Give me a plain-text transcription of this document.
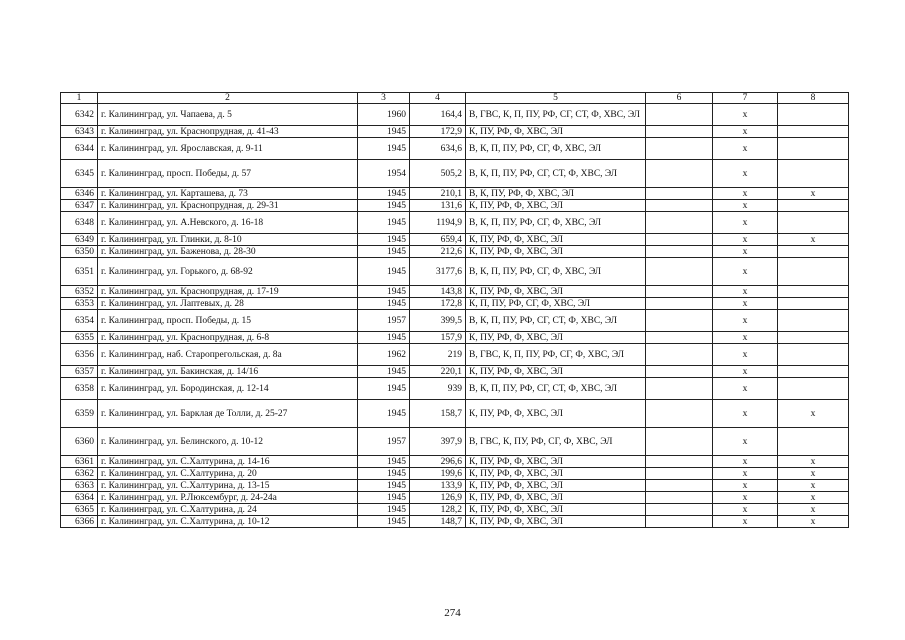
1	2	3	4	5	6	7	8
6342	г. Калининград, ул. Чапаева, д. 5	1960	164,4	В, ГВС, К, П, ПУ, РФ, СГ, СТ, Ф, ХВС, ЭЛ		х	
6343	г. Калининград, ул. Краснопрудная, д. 41-43	1945	172,9	К, ПУ, РФ, Ф, ХВС, ЭЛ		х	
6344	г. Калининград, ул. Ярославская, д. 9-11	1945	634,6	В, К, П, ПУ, РФ, СГ, Ф, ХВС, ЭЛ		х	
6345	г. Калининград, просп. Победы, д. 57	1954	505,2	В, К, П, ПУ, РФ, СГ, СТ, Ф, ХВС, ЭЛ		х	
6346	г. Калининград, ул. Карташева, д. 73	1945	210,1	В, К, ПУ, РФ, Ф, ХВС, ЭЛ		х	х
6347	г. Калининград, ул. Краснопрудная, д. 29-31	1945	131,6	К, ПУ, РФ, Ф, ХВС, ЭЛ		х	
6348	г. Калининград, ул. А.Невского, д. 16-18	1945	1194,9	В, К, П, ПУ, РФ, СГ, Ф, ХВС, ЭЛ		х	
6349	г. Калининград, ул. Глинки, д. 8-10	1945	659,4	К, ПУ, РФ, Ф, ХВС, ЭЛ		х	х
6350	г. Калининград, ул. Баженова, д. 28-30	1945	212,6	К, ПУ, РФ, Ф, ХВС, ЭЛ		х	
6351	г. Калининград, ул. Горького, д. 68-92	1945	3177,6	В, К, П, ПУ, РФ, СГ, Ф, ХВС, ЭЛ		х	
6352	г. Калининград, ул. Краснопрудная, д. 17-19	1945	143,8	К, ПУ, РФ, Ф, ХВС, ЭЛ		х	
6353	г. Калининград, ул. Лаптевых, д. 28	1945	172,8	К, П, ПУ, РФ, СГ, Ф, ХВС, ЭЛ		х	
6354	г. Калининград, просп. Победы, д. 15	1957	399,5	В, К, П, ПУ, РФ, СГ, СТ, Ф, ХВС, ЭЛ		х	
6355	г. Калининград, ул. Краснопрудная, д. 6-8	1945	157,9	К, ПУ, РФ, Ф, ХВС, ЭЛ		х	
6356	г. Калининград, наб. Старопрегольская, д. 8а	1962	219	В, ГВС, К, П, ПУ, РФ, СГ, Ф, ХВС, ЭЛ		х	
6357	г. Калининград, ул. Бакинская, д. 14/16	1945	220,1	К, ПУ, РФ, Ф, ХВС, ЭЛ		х	
6358	г. Калининград, ул. Бородинская, д. 12-14	1945	939	В, К, П, ПУ, РФ, СГ, СТ, Ф, ХВС, ЭЛ		х	
6359	г. Калининград, ул. Барклая де Толли, д. 25-27	1945	158,7	К, ПУ, РФ, Ф, ХВС, ЭЛ		х	х
6360	г. Калининград, ул. Белинского, д. 10-12	1957	397,9	В, ГВС, К, ПУ, РФ, СГ, Ф, ХВС, ЭЛ		х	
6361	г. Калининград, ул. С.Халтурина, д. 14-16	1945	296,6	К, ПУ, РФ, Ф, ХВС, ЭЛ		х	х
6362	г. Калининград, ул. С.Халтурина, д. 20	1945	199,6	К, ПУ, РФ, Ф, ХВС, ЭЛ		х	х
6363	г. Калининград, ул. С.Халтурина, д. 13-15	1945	133,9	К, ПУ, РФ, Ф, ХВС, ЭЛ		х	х
6364	г. Калининград, ул. Р.Люксембург, д. 24-24а	1945	126,9	К, ПУ, РФ, Ф, ХВС, ЭЛ		х	х
6365	г. Калининград, ул. С.Халтурина, д. 24	1945	128,2	К, ПУ, РФ, Ф, ХВС, ЭЛ		х	х
6366	г. Калининград, ул. С.Халтурина, д. 10-12	1945	148,7	К, ПУ, РФ, Ф, ХВС, ЭЛ		х	х
274
